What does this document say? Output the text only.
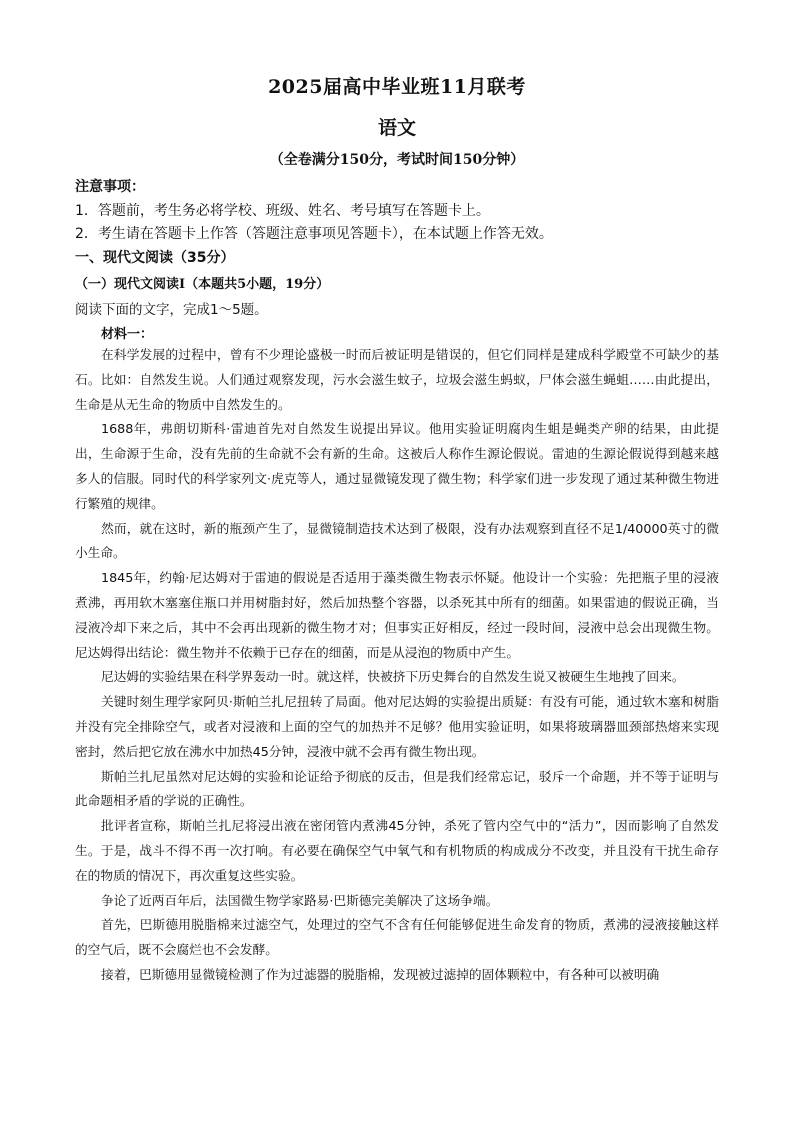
2025届高中毕业班11月联考
语文
（全卷满分150分，考试时间150分钟）
注意事项：
1．答题前，考生务必将学校、班级、姓名、考号填写在答题卡上。
2．考生请在答题卡上作答（答题注意事项见答题卡），在本试题上作答无效。
一、现代文阅读（35分）
（一）现代文阅读Ⅰ（本题共5小题，19分）
阅读下面的文字，完成1～5题。
材料一：

在科学发展的过程中，曾有不少理论盛极一时而后被证明是错误的，但它们同样是建成科学殿堂不可缺少的基石。比如：自然发生说。人们通过观察发现，污水会滋生蚊子，垃圾会滋生蚂蚁，尸体会滋生蝇蛆……由此提出，生命是从无生命的物质中自然发生的。

1688年，弗朗切斯科·雷迪首先对自然发生说提出异议。他用实验证明腐肉生蛆是蝇类产卵的结果，由此提出，生命源于生命，没有先前的生命就不会有新的生命。这被后人称作生源论假说。雷迪的生源论假说得到越来越多人的信服。同时代的科学家列文·虎克等人，通过显微镜发现了微生物；科学家们进一步发现了通过某种微生物进行繁殖的规律。

然而，就在这时，新的瓶颈产生了，显微镜制造技术达到了极限，没有办法观察到直径不足1/40000英寸的微小生命。

1845年，约翰·尼达姆对于雷迪的假说是否适用于藻类微生物表示怀疑。他设计一个实验：先把瓶子里的浸液煮沸，再用软木塞塞住瓶口并用树脂封好，然后加热整个容器，以杀死其中所有的细菌。如果雷迪的假说正确，当浸液冷却下来之后，其中不会再出现新的微生物才对；但事实正好相反，经过一段时间，浸液中总会出现微生物。尼达姆得出结论：微生物并不依赖于已存在的细菌，而是从浸泡的物质中产生。

尼达姆的实验结果在科学界轰动一时。就这样，快被挤下历史舞台的自然发生说又被硬生生地拽了回来。

关键时刻生理学家阿贝·斯帕兰扎尼扭转了局面。他对尼达姆的实验提出质疑：有没有可能，通过软木塞和树脂并没有完全排除空气，或者对浸液和上面的空气的加热并不足够？他用实验证明，如果将玻璃器皿颈部热熔来实现密封，然后把它放在沸水中加热45分钟，浸液中就不会再有微生物出现。

斯帕兰扎尼虽然对尼达姆的实验和论证给予彻底的反击，但是我们经常忘记，驳斥一个命题，并不等于证明与此命题相矛盾的学说的正确性。

批评者宣称，斯帕兰扎尼将浸出液在密闭管内煮沸45分钟，杀死了管内空气中的“活力”，因而影响了自然发生。于是，战斗不得不再一次打响。有必要在确保空气中氧气和有机物质的构成成分不改变，并且没有干扰生命存在的物质的情况下，再次重复这些实验。

争论了近两百年后，法国微生物学家路易·巴斯德完美解决了这场争端。

首先，巴斯德用脱脂棉来过滤空气，处理过的空气不含有任何能够促进生命发育的物质，煮沸的浸液接触这样的空气后，既不会腐烂也不会发酵。

接着，巴斯德用显微镜检测了作为过滤器的脱脂棉，发现被过滤掉的固体颗粒中，有各种可以被明确
